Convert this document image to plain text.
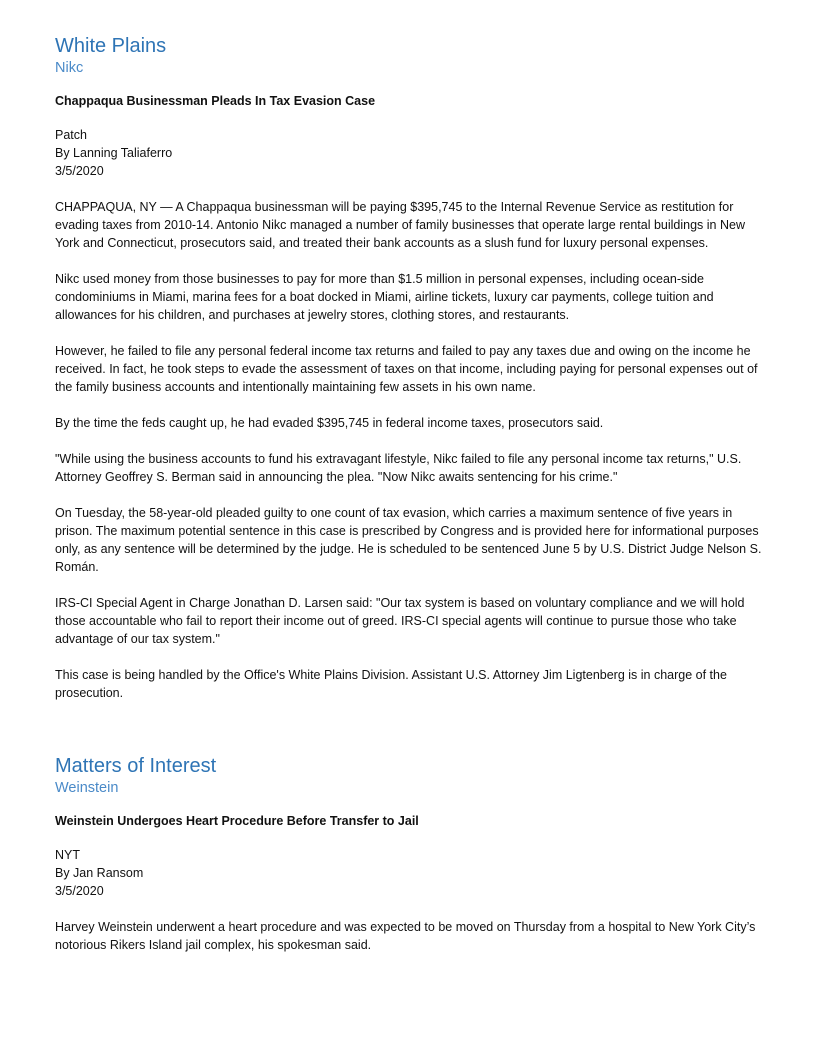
White Plains
Nikc
Chappaqua Businessman Pleads In Tax Evasion Case
Patch
By Lanning Taliaferro
3/5/2020

CHAPPAQUA, NY — A Chappaqua businessman will be paying $395,745 to the Internal Revenue Service as restitution for evading taxes from 2010-14. Antonio Nikc managed a number of family businesses that operate large rental buildings in New York and Connecticut, prosecutors said, and treated their bank accounts as a slush fund for luxury personal expenses.

Nikc used money from those businesses to pay for more than $1.5 million in personal expenses, including ocean-side condominiums in Miami, marina fees for a boat docked in Miami, airline tickets, luxury car payments, college tuition and allowances for his children, and purchases at jewelry stores, clothing stores, and restaurants.

However, he failed to file any personal federal income tax returns and failed to pay any taxes due and owing on the income he received. In fact, he took steps to evade the assessment of taxes on that income, including paying for personal expenses out of the family business accounts and intentionally maintaining few assets in his own name.

By the time the feds caught up, he had evaded $395,745 in federal income taxes, prosecutors said.

"While using the business accounts to fund his extravagant lifestyle, Nikc failed to file any personal income tax returns," U.S. Attorney Geoffrey S. Berman said in announcing the plea. "Now Nikc awaits sentencing for his crime."

On Tuesday, the 58-year-old pleaded guilty to one count of tax evasion, which carries a maximum sentence of five years in prison. The maximum potential sentence in this case is prescribed by Congress and is provided here for informational purposes only, as any sentence will be determined by the judge. He is scheduled to be sentenced June 5 by U.S. District Judge Nelson S. Román.

IRS-CI Special Agent in Charge Jonathan D. Larsen said: "Our tax system is based on voluntary compliance and we will hold those accountable who fail to report their income out of greed. IRS-CI special agents will continue to pursue those who take advantage of our tax system."

This case is being handled by the Office's White Plains Division. Assistant U.S. Attorney Jim Ligtenberg is in charge of the prosecution.

Matters of Interest
Weinstein
Weinstein Undergoes Heart Procedure Before Transfer to Jail
NYT
By Jan Ransom
3/5/2020

Harvey Weinstein underwent a heart procedure and was expected to be moved on Thursday from a hospital to New York City’s notorious Rikers Island jail complex, his spokesman said.
